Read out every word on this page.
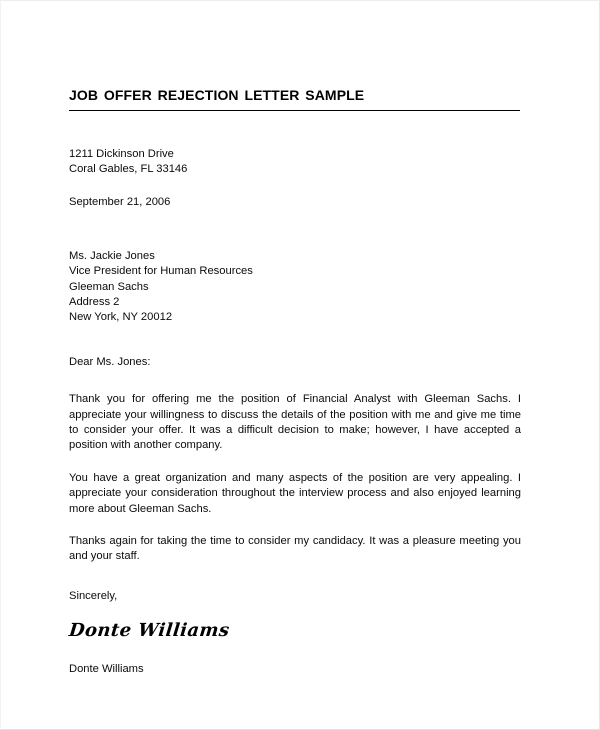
job offer rejection letter sample
1211 Dickinson Drive
Coral Gables, FL 33146
September 21, 2006
Ms. Jackie Jones
Vice President for Human Resources
Gleeman Sachs
Address 2
New York, NY 20012
Dear Ms. Jones:

Thank you for offering me the position of Financial Analyst with Gleeman Sachs. I appreciate your willingness to discuss the details of the position with me and give me time to consider your offer. It was a difficult decision to make; however, I have accepted a position with another company.

You have a great organization and many aspects of the position are very appealing. I appreciate your consideration throughout the interview process and also enjoyed learning more about Gleeman Sachs.

Thanks again for taking the time to consider my candidacy. It was a pleasure meeting you and your staff.

Sincerely,
Donte Williams
Donte Williams
